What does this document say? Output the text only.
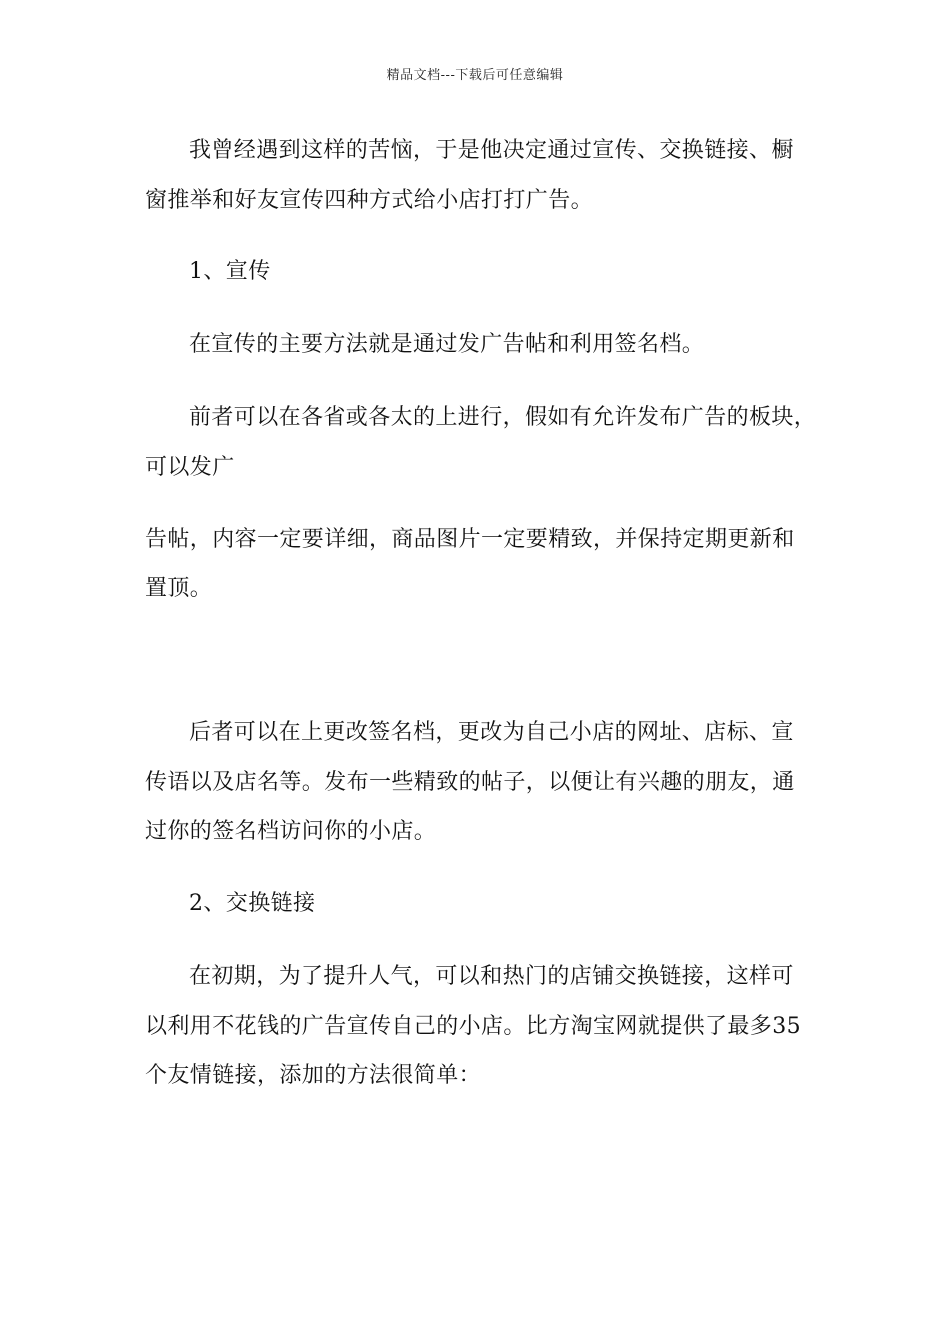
精品文档---下载后可任意编辑
我曾经遇到这样的苦恼，于是他决定通过宣传、交换链接、橱
窗推举和好友宣传四种方式给小店打打广告。
1、宣传
在宣传的主要方法就是通过发广告帖和利用签名档。
前者可以在各省或各太的上进行，假如有允许发布广告的板块，
可以发广
告帖，内容一定要详细，商品图片一定要精致，并保持定期更新和
置顶。
后者可以在上更改签名档，更改为自己小店的网址、店标、宣
传语以及店名等。发布一些精致的帖子，以便让有兴趣的朋友，通
过你的签名档访问你的小店。
2、交换链接
在初期，为了提升人气，可以和热门的店铺交换链接，这样可
以利用不花钱的广告宣传自己的小店。比方淘宝网就提供了最多35
个友情链接，添加的方法很简单：
